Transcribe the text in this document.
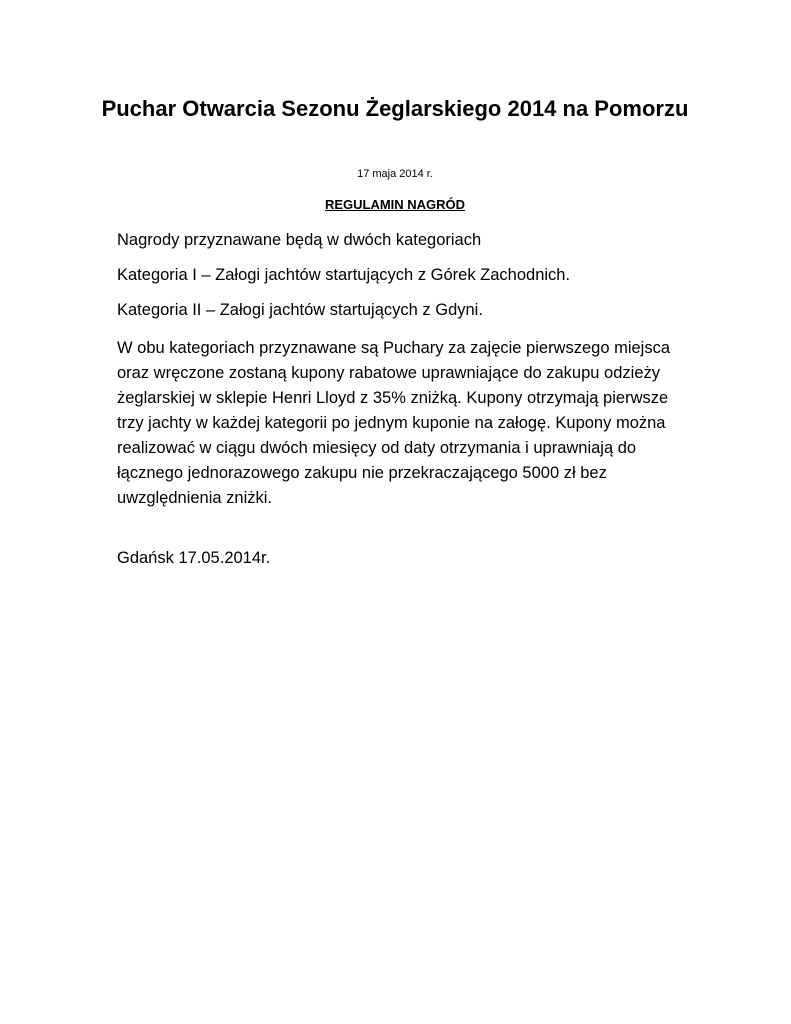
Puchar Otwarcia Sezonu Żeglarskiego 2014 na Pomorzu

17 maja 2014 r.

REGULAMIN NAGRÓD

Nagrody przyznawane będą w dwóch kategoriach

Kategoria I – Załogi jachtów startujących z Górek Zachodnich.

Kategoria II – Załogi jachtów startujących z Gdyni.

W obu kategoriach przyznawane są Puchary za zajęcie pierwszego miejsca oraz wręczone zostaną kupony rabatowe uprawniające do zakupu odzieży żeglarskiej w sklepie Henri Lloyd z 35% zniżką. Kupony otrzymają pierwsze trzy jachty w każdej kategorii po jednym kuponie na załogę. Kupony można realizować w ciągu dwóch miesięcy od daty otrzymania i uprawniają do łącznego jednorazowego zakupu nie przekraczającego 5000 zł bez uwzględnienia zniżki.

Gdańsk 17.05.2014r.
